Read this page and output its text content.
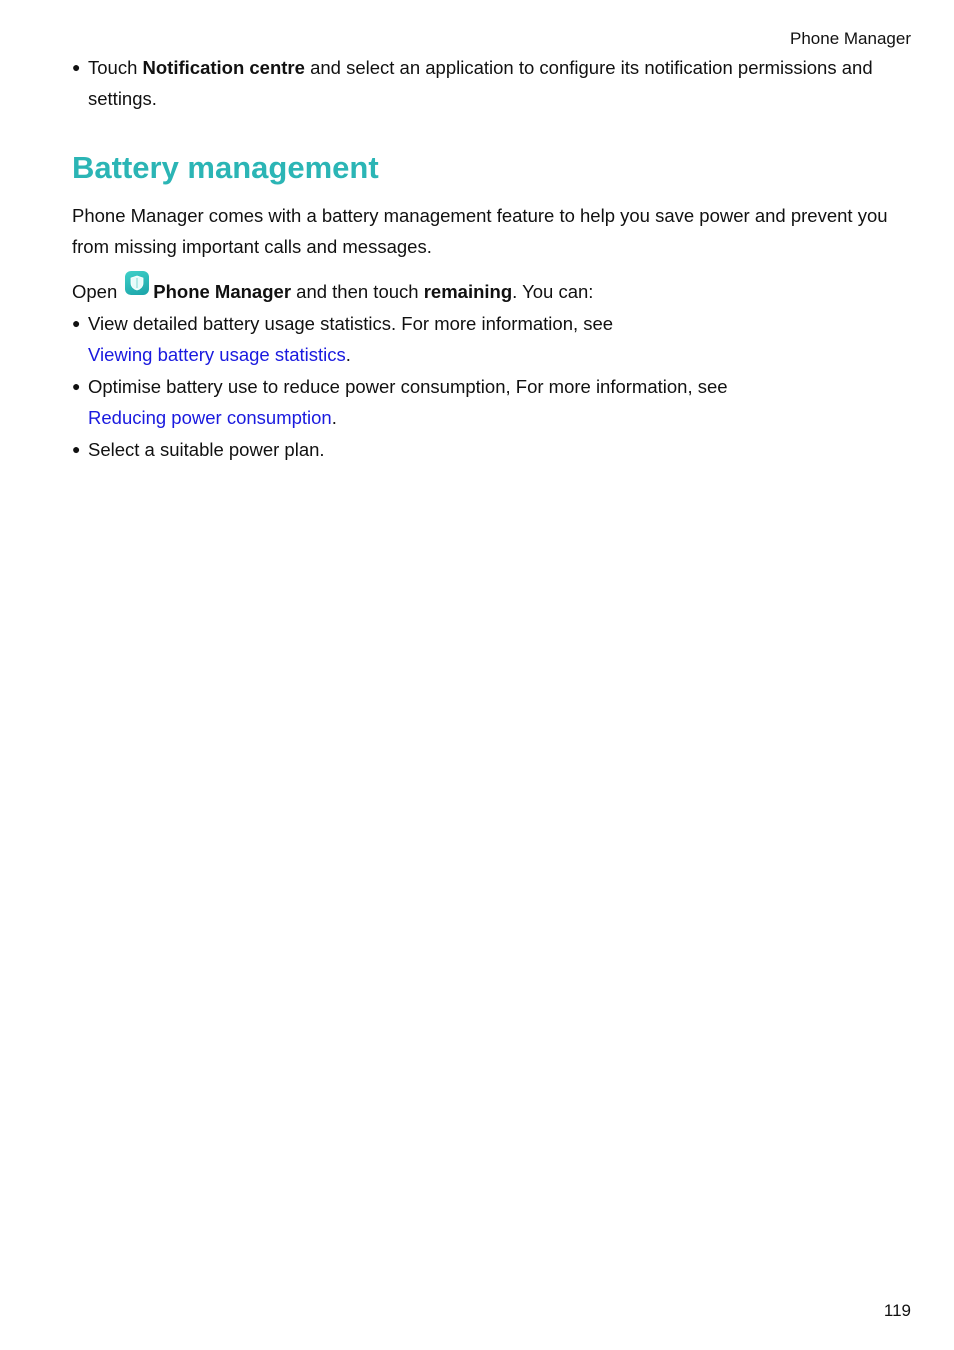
Phone Manager
● Touch Notification centre and select an application to configure its notification permissions and settings.
Battery management

Phone Manager comes with a battery management feature to help you save power and prevent you from missing important calls and messages.

Open Phone Manager and then touch remaining. You can:

● View detailed battery usage statistics. For more information, see
Viewing battery usage statistics.
● Optimise battery use to reduce power consumption, For more information, see
Reducing power consumption.
● Select a suitable power plan.
119
